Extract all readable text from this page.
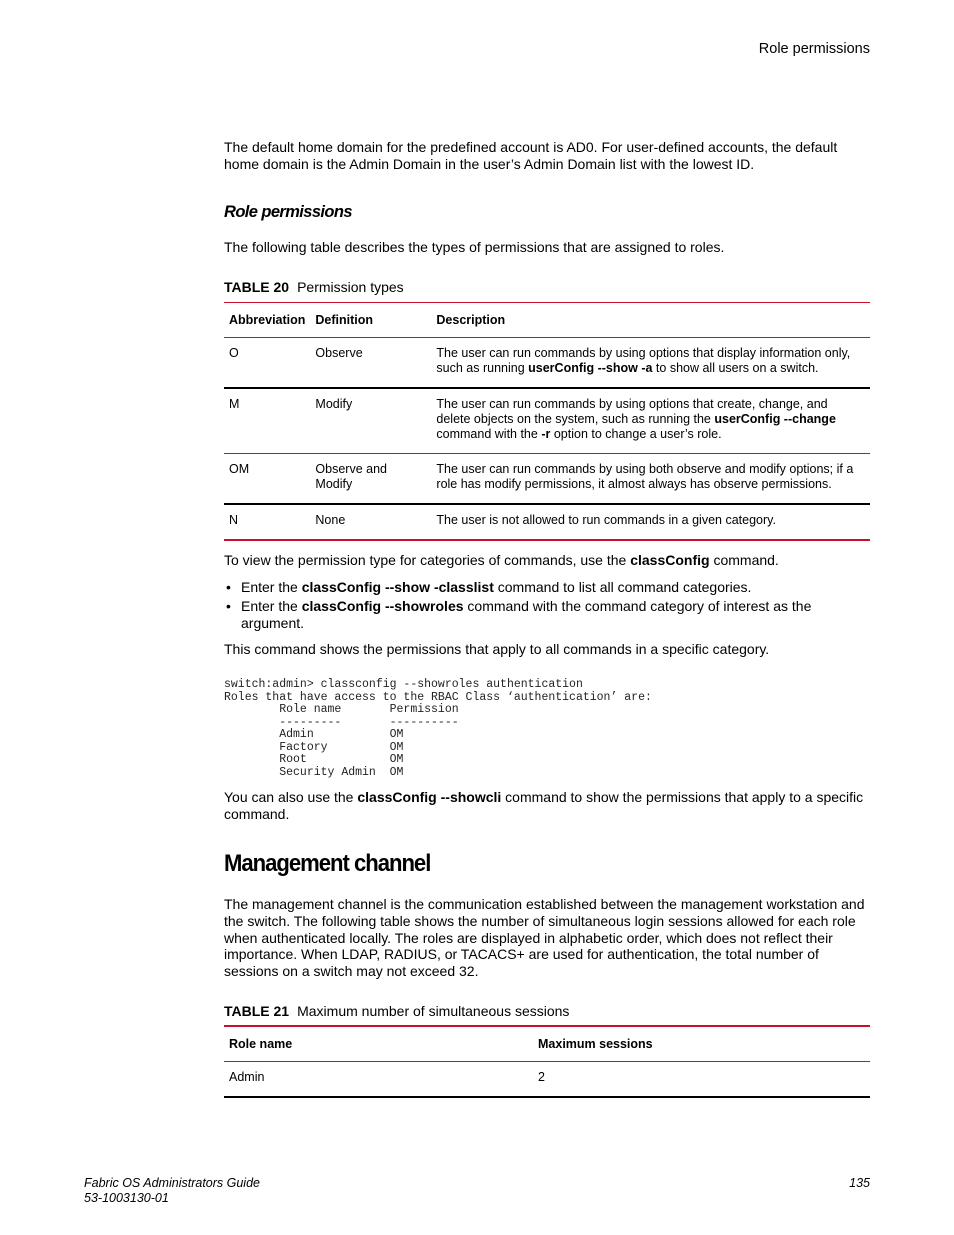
Role permissions

The default home domain for the predefined account is AD0. For user-defined accounts, the default home domain is the Admin Domain in the user’s Admin Domain list with the lowest ID.

Role permissions

The following table describes the types of permissions that are assigned to roles.

TABLE 20 Permission types
Abbreviation	Definition	Description
O	Observe	The user can run commands by using options that display information only, such as running userConfig --show -a to show all users on a switch.
M	Modify	The user can run commands by using options that create, change, and delete objects on the system, such as running the userConfig --change command with the -r option to change a user’s role.
OM	Observe and Modify	The user can run commands by using both observe and modify options; if a role has modify permissions, it almost always has observe permissions.
N	None	The user is not allowed to run commands in a given category.

To view the permission type for categories of commands, use the classConfig command.

• Enter the classConfig --show -classlist command to list all command categories.
• Enter the classConfig --showroles command with the command category of interest as the argument.

This command shows the permissions that apply to all commands in a specific category.

switch:admin> classconfig --showroles authentication
Roles that have access to the RBAC Class ‘authentication’ are:
Role name       Permission
---------       ----------
Admin           OM
Factory         OM
Root            OM
Security Admin  OM

You can also use the classConfig --showcli command to show the permissions that apply to a specific command.

Management channel

The management channel is the communication established between the management workstation and the switch. The following table shows the number of simultaneous login sessions allowed for each role when authenticated locally. The roles are displayed in alphabetic order, which does not reflect their importance. When LDAP, RADIUS, or TACACS+ are used for authentication, the total number of sessions on a switch may not exceed 32.

TABLE 21 Maximum number of simultaneous sessions
Role name	Maximum sessions
Admin	2
Fabric OS Administrators Guide
53-1003130-01
135
